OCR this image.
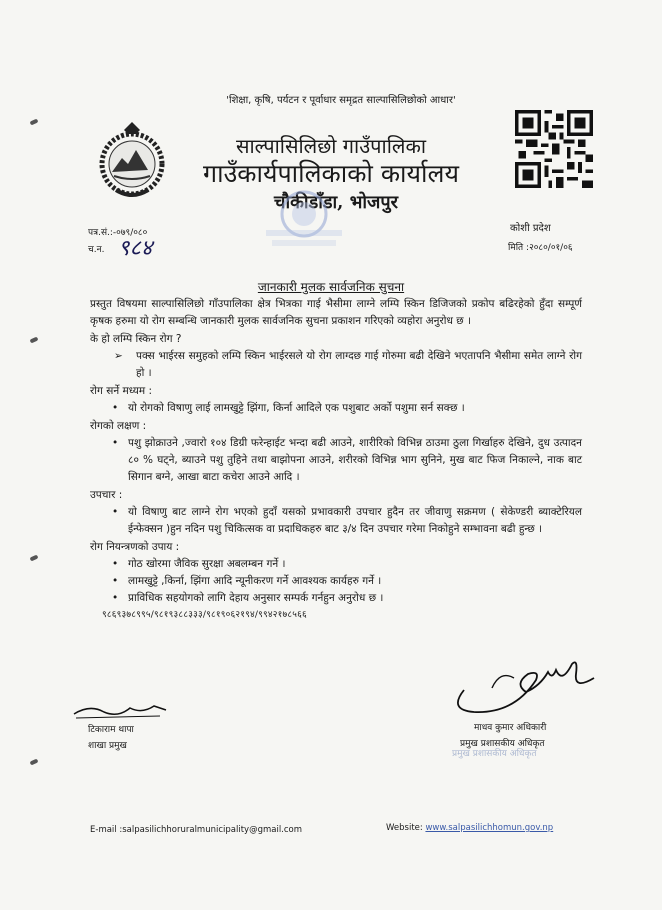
'शिक्षा, कृषि, पर्यटन र पूर्वाधार समृद्रत साल्पासिलिछोको आधार'
साल्पासिलिछो गाउँपालिका
गाउँकार्यपालिकाको कार्यालय
चौकीडाँडा, भोजपुर
कोशी प्रदेश
पत्र.सं.:-०७९/०८०
च.न. ९८४	मिति :२०८०/०१/०६
जानकारी मुलक सार्वजनिक सुचना

प्रस्तुत विषयमा साल्पासिलिछो गाँउपालिका क्षेत्र भित्रका गाई भैसीमा लाग्ने लम्पि स्किन डिजिजको प्रकोप बढिरहेको हुँदा सम्पूर्ण कृषक हरुमा यो रोग सम्बन्धि जानकारी मुलक सार्वजनिक सुचना प्रकाशन गरिएको व्यहोरा अनुरोध छ ।

के हो लम्पि स्किन रोग ?

➢ पक्स भाईरस समुहको लम्पि स्किन भाईरसले यो रोग लाग्दछ गाई गोरुमा बढी देखिने भएतापनि भैसीमा समेत लाग्ने रोग हो ।

रोग सर्ने मध्यम :

• यो रोगको विषाणु लाई लामखुट्टे झिंगा, किर्ना आदिले एक पशुबाट अर्को पशुमा सर्न सक्छ ।

रोगको लक्षण :

• पशु झोक्राउने ,ज्वारो १०४ डिग्री फरेन्हाईट भन्दा बढी आउने, शारीरिको विभिन्न ठाउमा ठुला गिर्खाहरु देखिने, दुध उत्पादन ८० % घट्ने, ब्याउने पशु तुहिने तथा बाझोपना आउने, शरीरको विभिन्न भाग सुनिने, मुख बाट फिज निकाल्ने, नाक बाट सिगान बग्ने, आखा बाटा कचेरा आउने आदि ।

उपचार :

• यो विषाणु बाट लाग्ने रोग भएको हुदाँ यसको प्रभावकारी उपचार हुदैन तर जीवाणु सक्रमण ( सेकेण्डरी ब्याक्टेरियल ईन्फेक्सन )हुन नदिन पशु चिकित्सक वा प्रदाधिकहरु बाट ३/४ दिन उपचार गरेमा निकोहुने सम्भावना बढी हुन्छ ।

रोग नियन्त्रणको उपाय :

• गोठ खोरमा जैविक सुरक्षा अबलम्बन गर्ने ।
• लामखुट्टे ,किर्ना, झिंगा आदि न्यूनीकरण गर्ने आवश्यक कार्यहरु गर्ने ।
• प्राविधिक सहयोगको लागि देहाय अनुसार सम्पर्क गर्नहुन अनुरोध छ ।

९८६९३७८९९५/९८१९३८८३३३/९८१९०६२१९४/९९४२१७८५६६

टिकाराम थापा
शाखा प्रमुख
माधव कुमार अधिकारी
प्रमुख प्रशासकीय अधिकृत
प्रमुख प्रशासकीय अधिकृत
E-mail :salpasilichhoruralmunicipality@gmail.com	Website: www.salpasilichhomun.gov.np
